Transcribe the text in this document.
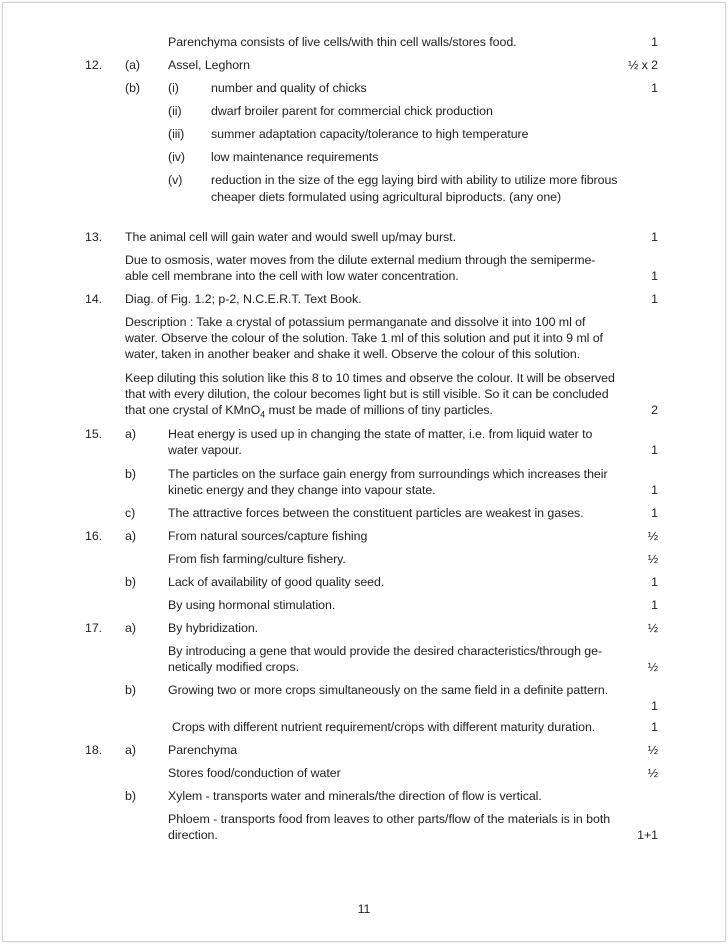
Parenchyma consists of live cells/with thin cell walls/stores food.	1
12. (a) Assel, Leghorn	½ x 2
(b) (i)	number and quality of chicks	1
(ii) dwarf broiler parent for commercial chick production
(iii) summer adaptation capacity/tolerance to high temperature
(iv) low maintenance requirements
(v) reduction in the size of the egg laying bird with ability to utilize more fibrous
cheaper diets formulated using agricultural biproducts. (any one)
13. The animal cell will gain water and would swell up/may burst.	1
Due to osmosis, water moves from the dilute external medium through the semiperme-
able cell membrane into the cell with low water concentration.	1
14. Diag. of Fig. 1.2; p-2, N.C.E.R.T. Text Book.	1
Description : Take a crystal of potassium permanganate and dissolve it into 100 ml of
water. Observe the colour of the solution. Take 1 ml of this solution and put it into 9 ml of
water, taken in another beaker and shake it well. Observe the colour of this solution.
Keep diluting this solution like this 8 to 10 times and observe the colour. It will be observed
that with every dilution, the colour becomes light but is still visible. So it can be concluded
that one crystal of KMnO$_4$ must be made of millions of tiny particles.	2
15. a)	Heat energy is used up in changing the state of matter, i.e. from liquid water to
water vapour.	1
b)	The particles on the surface gain energy from surroundings which increases their
kinetic energy and they change into vapour state.	1
c)	The attractive forces between the constituent particles are weakest in gases.	1
16. a)	From natural sources/capture fishing	½
From fish farming/culture fishery.	½
b)	Lack of availability of good quality seed.	1
By using hormonal stimulation.	1
17. a)	By hybridization.	½
By introducing a gene that would provide the desired characteristics/through ge-
netically modified crops.	½
b)	Growing two or more crops simultaneously on the same field in a definite pattern.
1
Crops with different nutrient requirement/crops with different maturity duration.	1
18. a)	Parenchyma	½
Stores food/conduction of water	½
b)	Xylem - transports water and minerals/the direction of flow is vertical.
Phloem - transports food from leaves to other parts/flow of the materials is in both
direction.	1+1
11
